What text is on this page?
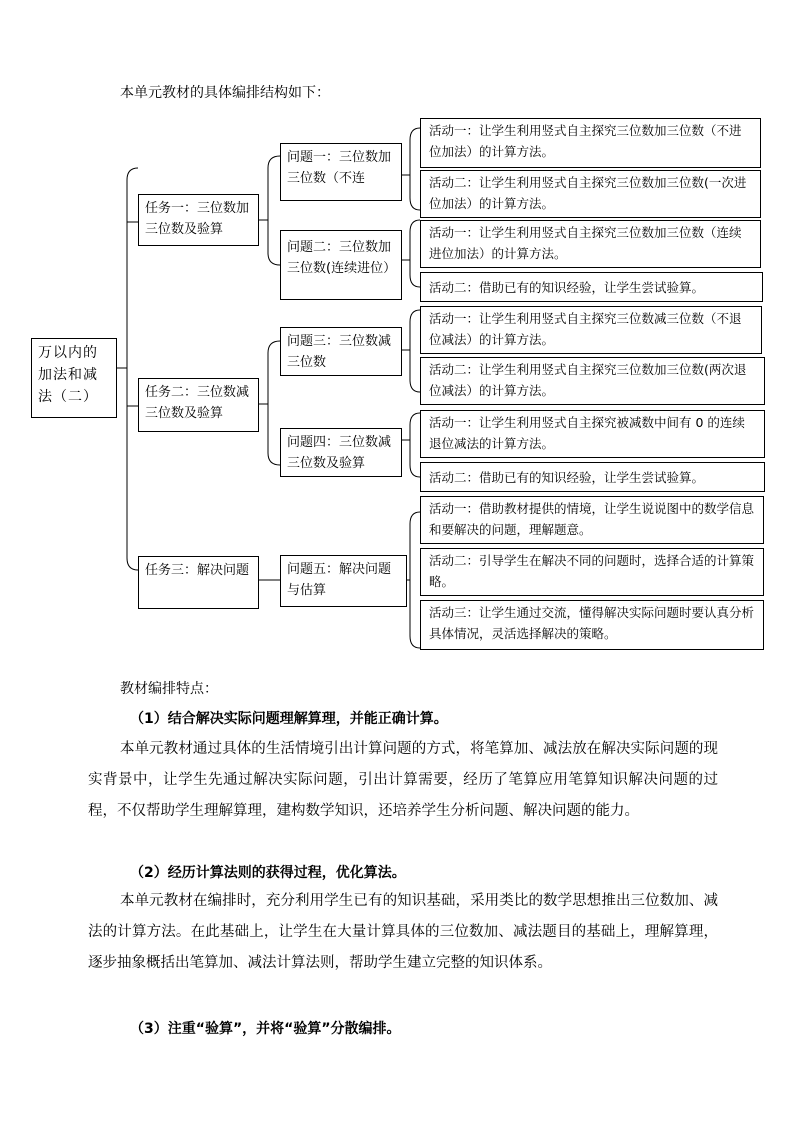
本单元教材的具体编排结构如下：
万以内的加法和减法（二）
任务一：三位数加三位数及验算
任务二：三位数减三位数及验算
任务三：解决问题
问题一：三位数加三位数（不连
问题二：三位数加三位数(连续进位）
问题三：三位数减三位数
问题四：三位数减三位数及验算
问题五：解决问题与估算
活动一：让学生利用竖式自主探究三位数加三位数（不进位加法）的计算方法。
活动二：让学生利用竖式自主探究三位数加三位数(一次进位加法）的计算方法。
活动一：让学生利用竖式自主探究三位数加三位数（连续进位加法）的计算方法。
活动二：借助已有的知识经验，让学生尝试验算。
活动一：让学生利用竖式自主探究三位数减三位数（不退位减法）的计算方法。
活动二：让学生利用竖式自主探究三位数加三位数(两次退位减法）的计算方法。
活动一：让学生利用竖式自主探究被减数中间有 0 的连续退位减法的计算方法。
活动二：借助已有的知识经验，让学生尝试验算。
活动一：借助教材提供的情境，让学生说说图中的数学信息和要解决的问题，理解题意。
活动二：引导学生在解决不同的问题时，选择合适的计算策略。
活动三：让学生通过交流，懂得解决实际问题时要认真分析具体情况，灵活选择解决的策略。
教材编排特点：
（1）结合解决实际问题理解算理，并能正确计算。
本单元教材通过具体的生活情境引出计算问题的方式，将笔算加、减法放在解决实际问题的现实背景中，让学生先通过解决实际问题，引出计算需要，经历了笔算应用笔算知识解决问题的过程，不仅帮助学生理解算理，建构数学知识，还培养学生分析问题、解决问题的能力。
（2）经历计算法则的获得过程，优化算法。
本单元教材在编排时，充分利用学生已有的知识基础，采用类比的数学思想推出三位数加、减法的计算方法。在此基础上，让学生在大量计算具体的三位数加、减法题目的基础上，理解算理，逐步抽象概括出笔算加、减法计算法则，帮助学生建立完整的知识体系。
（3）注重“验算”，并将“验算”分散编排。
